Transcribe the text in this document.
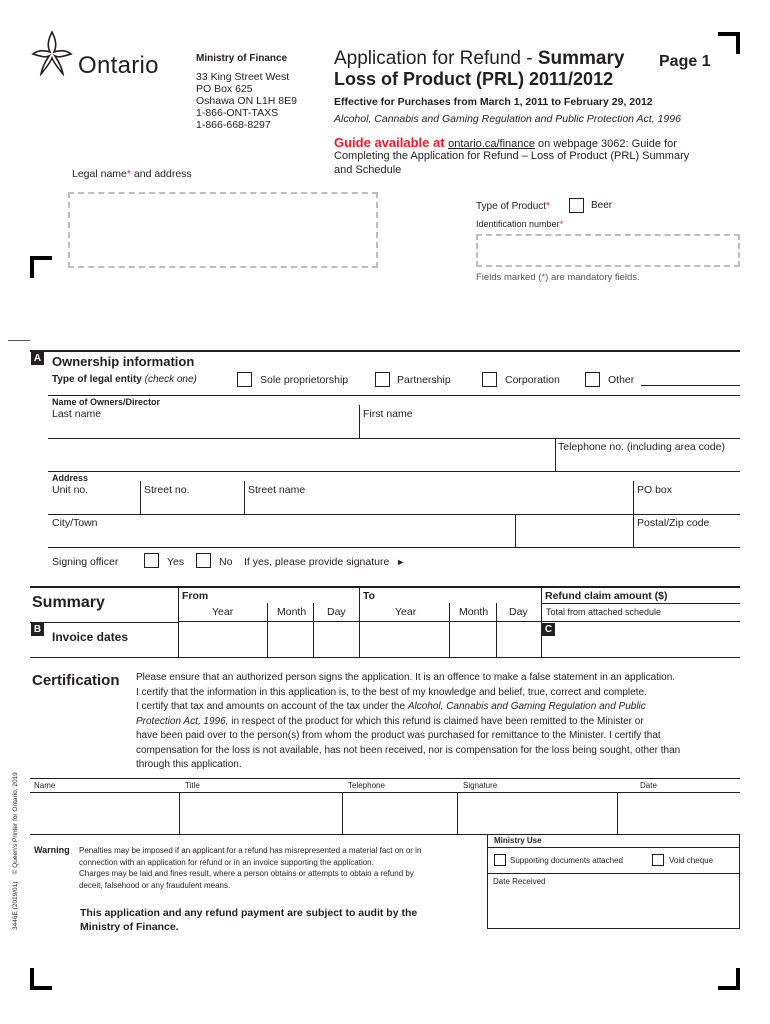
Ontario	Ministry of Finance
33 King Street West
PO Box 625
Oshawa ON L1H 8E9
1-866-ONT-TAXS
1-866-668-8297
Application for Refund - Summary Page 1
Loss of Product (PRL) 2011/2012
Effective for Purchases from March 1, 2011 to February 29, 2012
Alcohol, Cannabis and Gaming Regulation and Public Protection Act, 1996
Guide available at ontario.ca/finance on webpage 3062: Guide for
Completing the Application for Refund – Loss of Product (PRL) Summary
and Schedule
Legal name* and address
Type of Product*	Beer
Identification number*
Fields marked (*) are mandatory fields.
A Ownership information
Type of legal entity (check one)	Sole proprietorship	Partnership	Corporation	Other
Name of Owners/Director
Last name	First name
Telephone no. (including area code)
Address
Unit no.	Street no.	Street name	PO box
City/Town	Postal/Zip code
Signing officer	Yes	No If yes, please provide signature ►
Summary	From	To	Refund claim amount ($)
Total from attached schedule
Year	Month Day	Year	Month Day
B
Invoice dates
C
Certification Please ensure that an authorized person signs the application. It is an offence to make a false statement in an application.

I certify that the information in this application is, to the best of my knowledge and belief, true, correct and complete.

I certify that tax and amounts on account of the tax under the Alcohol, Cannabis and Gaming Regulation and Public

Protection Act, 1996, in respect of the product for which this refund is claimed have been remitted to the Minister or

have been paid over to the person(s) from whom the product was purchased for remittance to the Minister. I certify that

compensation for the loss is not available, has not been received, nor is compensation for the loss being sought, other than

through this application.

Name	Title	Telephone	Signature	Date
Warning Penalties may be imposed if an applicant for a refund has misrepresented a material fact on or in
connection with an application for refund or in an invoice supporting the application.
Charges may be laid and fines result, where a person obtains or attempts to obtain a refund by
deceit, falsehood or any fraudulent means.
This application and any refund payment are subject to audit by the
Ministry of Finance.
Ministry Use
Supporting documents attached	Void cheque
Date Received
3446E (2019/01)    © Queen's Printer for Ontario, 2019
